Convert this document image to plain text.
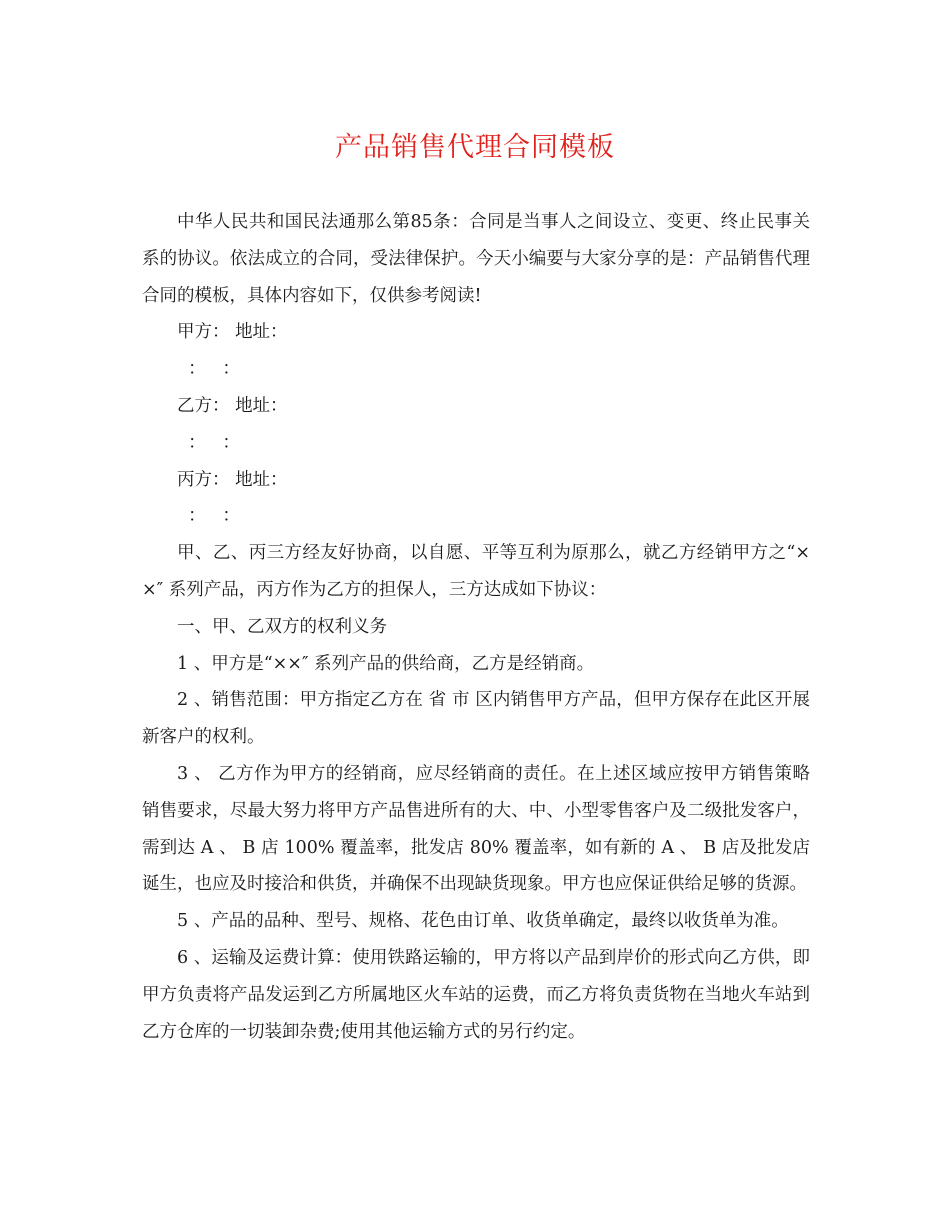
产品销售代理合同模板

中华人民共和国民法通那么第85条：合同是当事人之间设立、变更、终止民事关系的协议。依法成立的合同，受法律保护。今天小编要与大家分享的是：产品销售代理合同的模板，具体内容如下，仅供参考阅读!

甲方： 地址：

：   ：

乙方： 地址：

：   ：

丙方： 地址：

：   ：

甲、乙、丙三方经友好协商，以自愿、平等互利为原那么，就乙方经销甲方之“××″ 系列产品，丙方作为乙方的担保人，三方达成如下协议：

一、甲、乙双方的权利义务

1 、甲方是“××″ 系列产品的供给商，乙方是经销商。

2 、销售范围：甲方指定乙方在 省 市 区内销售甲方产品，但甲方保存在此区开展新客户的权利。

3 、 乙方作为甲方的经销商，应尽经销商的责任。在上述区域应按甲方销售策略销售要求，尽最大努力将甲方产品售进所有的大、中、小型零售客户及二级批发客户，需到达 A 、 B 店 100% 覆盖率，批发店 80% 覆盖率，如有新的 A 、 B 店及批发店诞生，也应及时接洽和供货，并确保不出现缺货现象。甲方也应保证供给足够的货源。

5 、产品的品种、型号、规格、花色由订单、收货单确定，最终以收货单为准。

6 、运输及运费计算：使用铁路运输的，甲方将以产品到岸价的形式向乙方供，即甲方负责将产品发运到乙方所属地区火车站的运费，而乙方将负责货物在当地火车站到乙方仓库的一切装卸杂费;使用其他运输方式的另行约定。
